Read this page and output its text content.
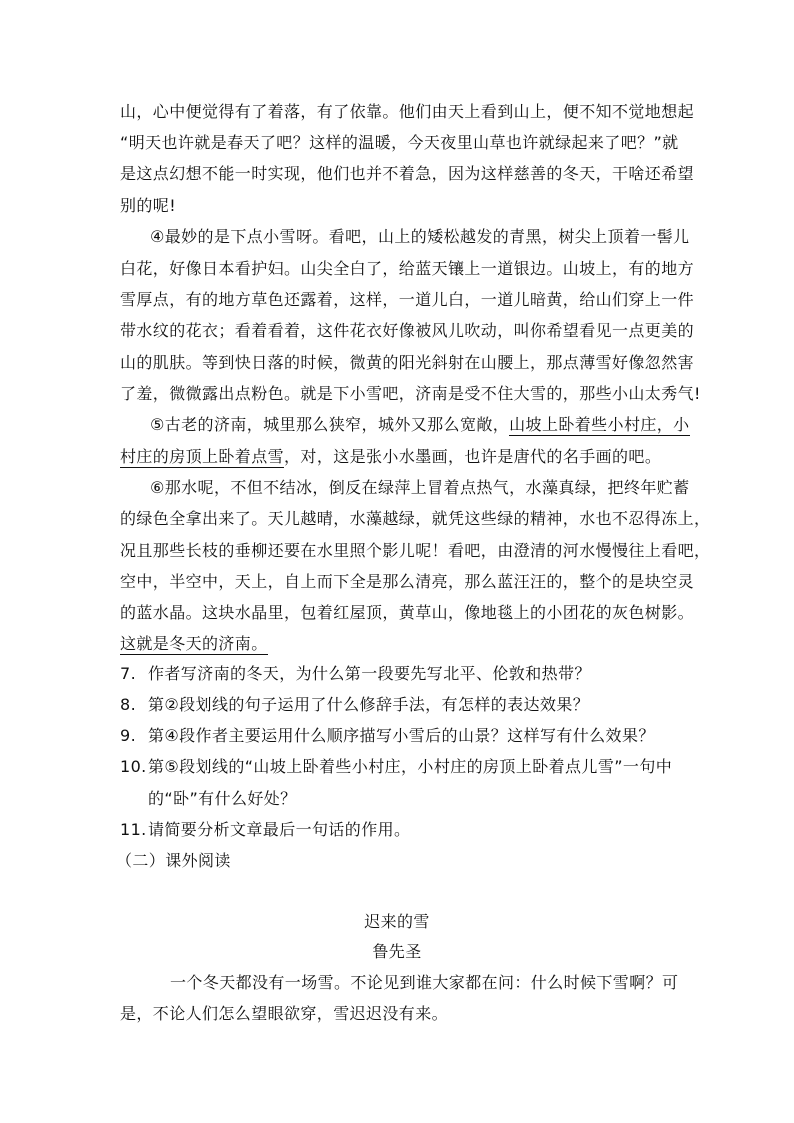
山，心中便觉得有了着落，有了依靠。他们由天上看到山上，便不知不觉地想起
“明天也许就是春天了吧？这样的温暖，今天夜里山草也许就绿起来了吧？”就
是这点幻想不能一时实现，他们也并不着急，因为这样慈善的冬天，干啥还希望
别的呢!
④最妙的是下点小雪呀。看吧，山上的矮松越发的青黑，树尖上顶着一髻儿
白花，好像日本看护妇。山尖全白了，给蓝天镶上一道银边。山坡上，有的地方
雪厚点，有的地方草色还露着，这样，一道儿白，一道儿暗黄，给山们穿上一件
带水纹的花衣；看着看着，这件花衣好像被风儿吹动，叫你希望看见一点更美的
山的肌肤。等到快日落的时候，微黄的阳光斜射在山腰上，那点薄雪好像忽然害
了羞，微微露出点粉色。就是下小雪吧，济南是受不住大雪的，那些小山太秀气!
⑤古老的济南，城里那么狭窄，城外又那么宽敞，山坡上卧着些小村庄，小
村庄的房顶上卧着点雪，对，这是张小水墨画，也许是唐代的名手画的吧。
⑥那水呢，不但不结冰，倒反在绿萍上冒着点热气，水藻真绿，把终年贮蓄
的绿色全拿出来了。天儿越晴，水藻越绿，就凭这些绿的精神，水也不忍得冻上，
况且那些长枝的垂柳还要在水里照个影儿呢！看吧，由澄清的河水慢慢往上看吧，
空中，半空中，天上，自上而下全是那么清亮，那么蓝汪汪的，整个的是块空灵
的蓝水晶。这块水晶里，包着红屋顶，黄草山，像地毯上的小团花的灰色树影。
这就是冬天的济南。
7. 作者写济南的冬天，为什么第一段要先写北平、伦敦和热带？
8. 第②段划线的句子运用了什么修辞手法，有怎样的表达效果？
9. 第④段作者主要运用什么顺序描写小雪后的山景？这样写有什么效果？
10.第⑤段划线的“山坡上卧着些小村庄，小村庄的房顶上卧着点儿雪”一句中
的“卧”有什么好处？
11.请简要分析文章最后一句话的作用。
（二）课外阅读
迟来的雪
鲁先圣
一个冬天都没有一场雪。不论见到谁大家都在问：什么时候下雪啊？可
是，不论人们怎么望眼欲穿，雪迟迟没有来。
